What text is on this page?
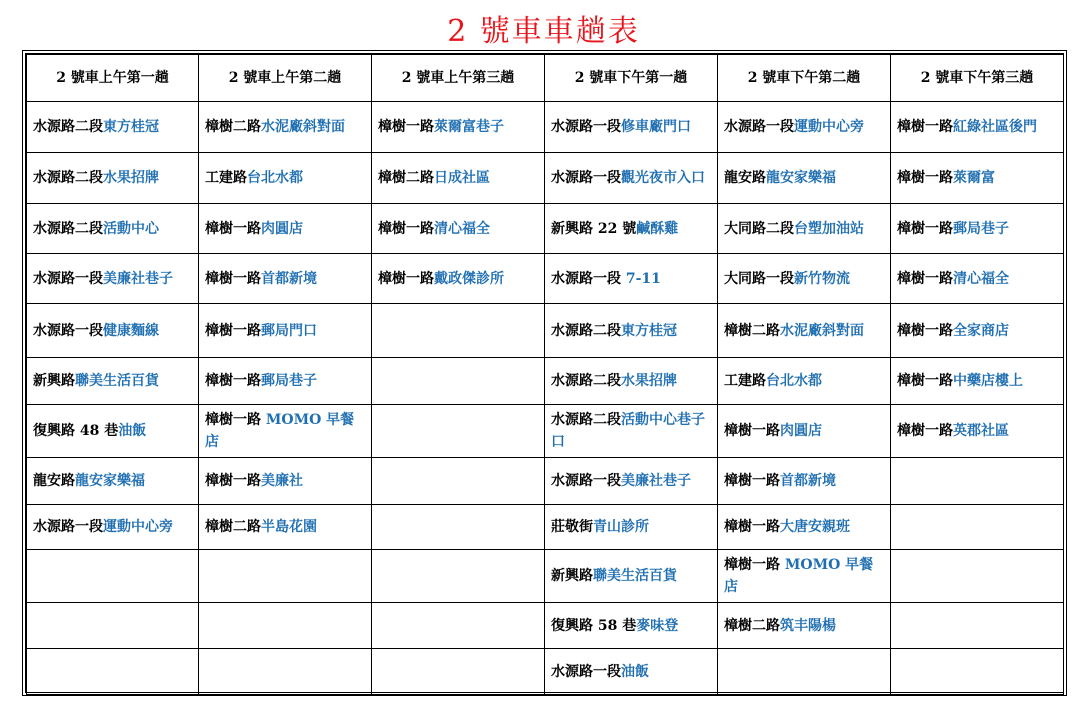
2 號車車趟表
2 號車上午第一趟	2 號車上午第二趟	2 號車上午第三趟	2 號車下午第一趟	2 號車下午第二趟	2 號車下午第三趟
水源路二段東方桂冠	樟樹二路水泥廠斜對面	樟樹一路萊爾富巷子	水源路一段修車廠門口	水源路一段運動中心旁	樟樹一路紅綠社區後門
水源路二段水果招牌	工建路台北水都	樟樹二路日成社區	水源路一段觀光夜市入口	龍安路龍安家樂福	樟樹一路萊爾富
水源路二段活動中心	樟樹一路肉圓店	樟樹一路清心福全	新興路 22 號鹹酥雞	大同路二段台塑加油站	樟樹一路郵局巷子
水源路一段美廉社巷子	樟樹一路首都新境	樟樹一路戴政傑診所	水源路一段 7-11	大同路一段新竹物流	樟樹一路清心福全
水源路一段健康麵線	樟樹一路郵局門口		水源路二段東方桂冠	樟樹二路水泥廠斜對面	樟樹一路全家商店
新興路聯美生活百貨	樟樹一路郵局巷子		水源路二段水果招牌	工建路台北水都	樟樹一路中藥店樓上
復興路 48 巷油飯	樟樹一路 MOMO 早餐店		水源路二段活動中心巷子口	樟樹一路肉圓店	樟樹一路英郡社區
龍安路龍安家樂福	樟樹一路美廉社		水源路一段美廉社巷子	樟樹一路首都新境	
水源路一段運動中心旁	樟樹二路半島花園		莊敬街青山診所	樟樹一路大唐安親班	
			新興路聯美生活百貨	樟樹一路 MOMO 早餐店	
			復興路 58 巷麥味登	樟樹二路筑丰陽楊	
			水源路一段油飯		
